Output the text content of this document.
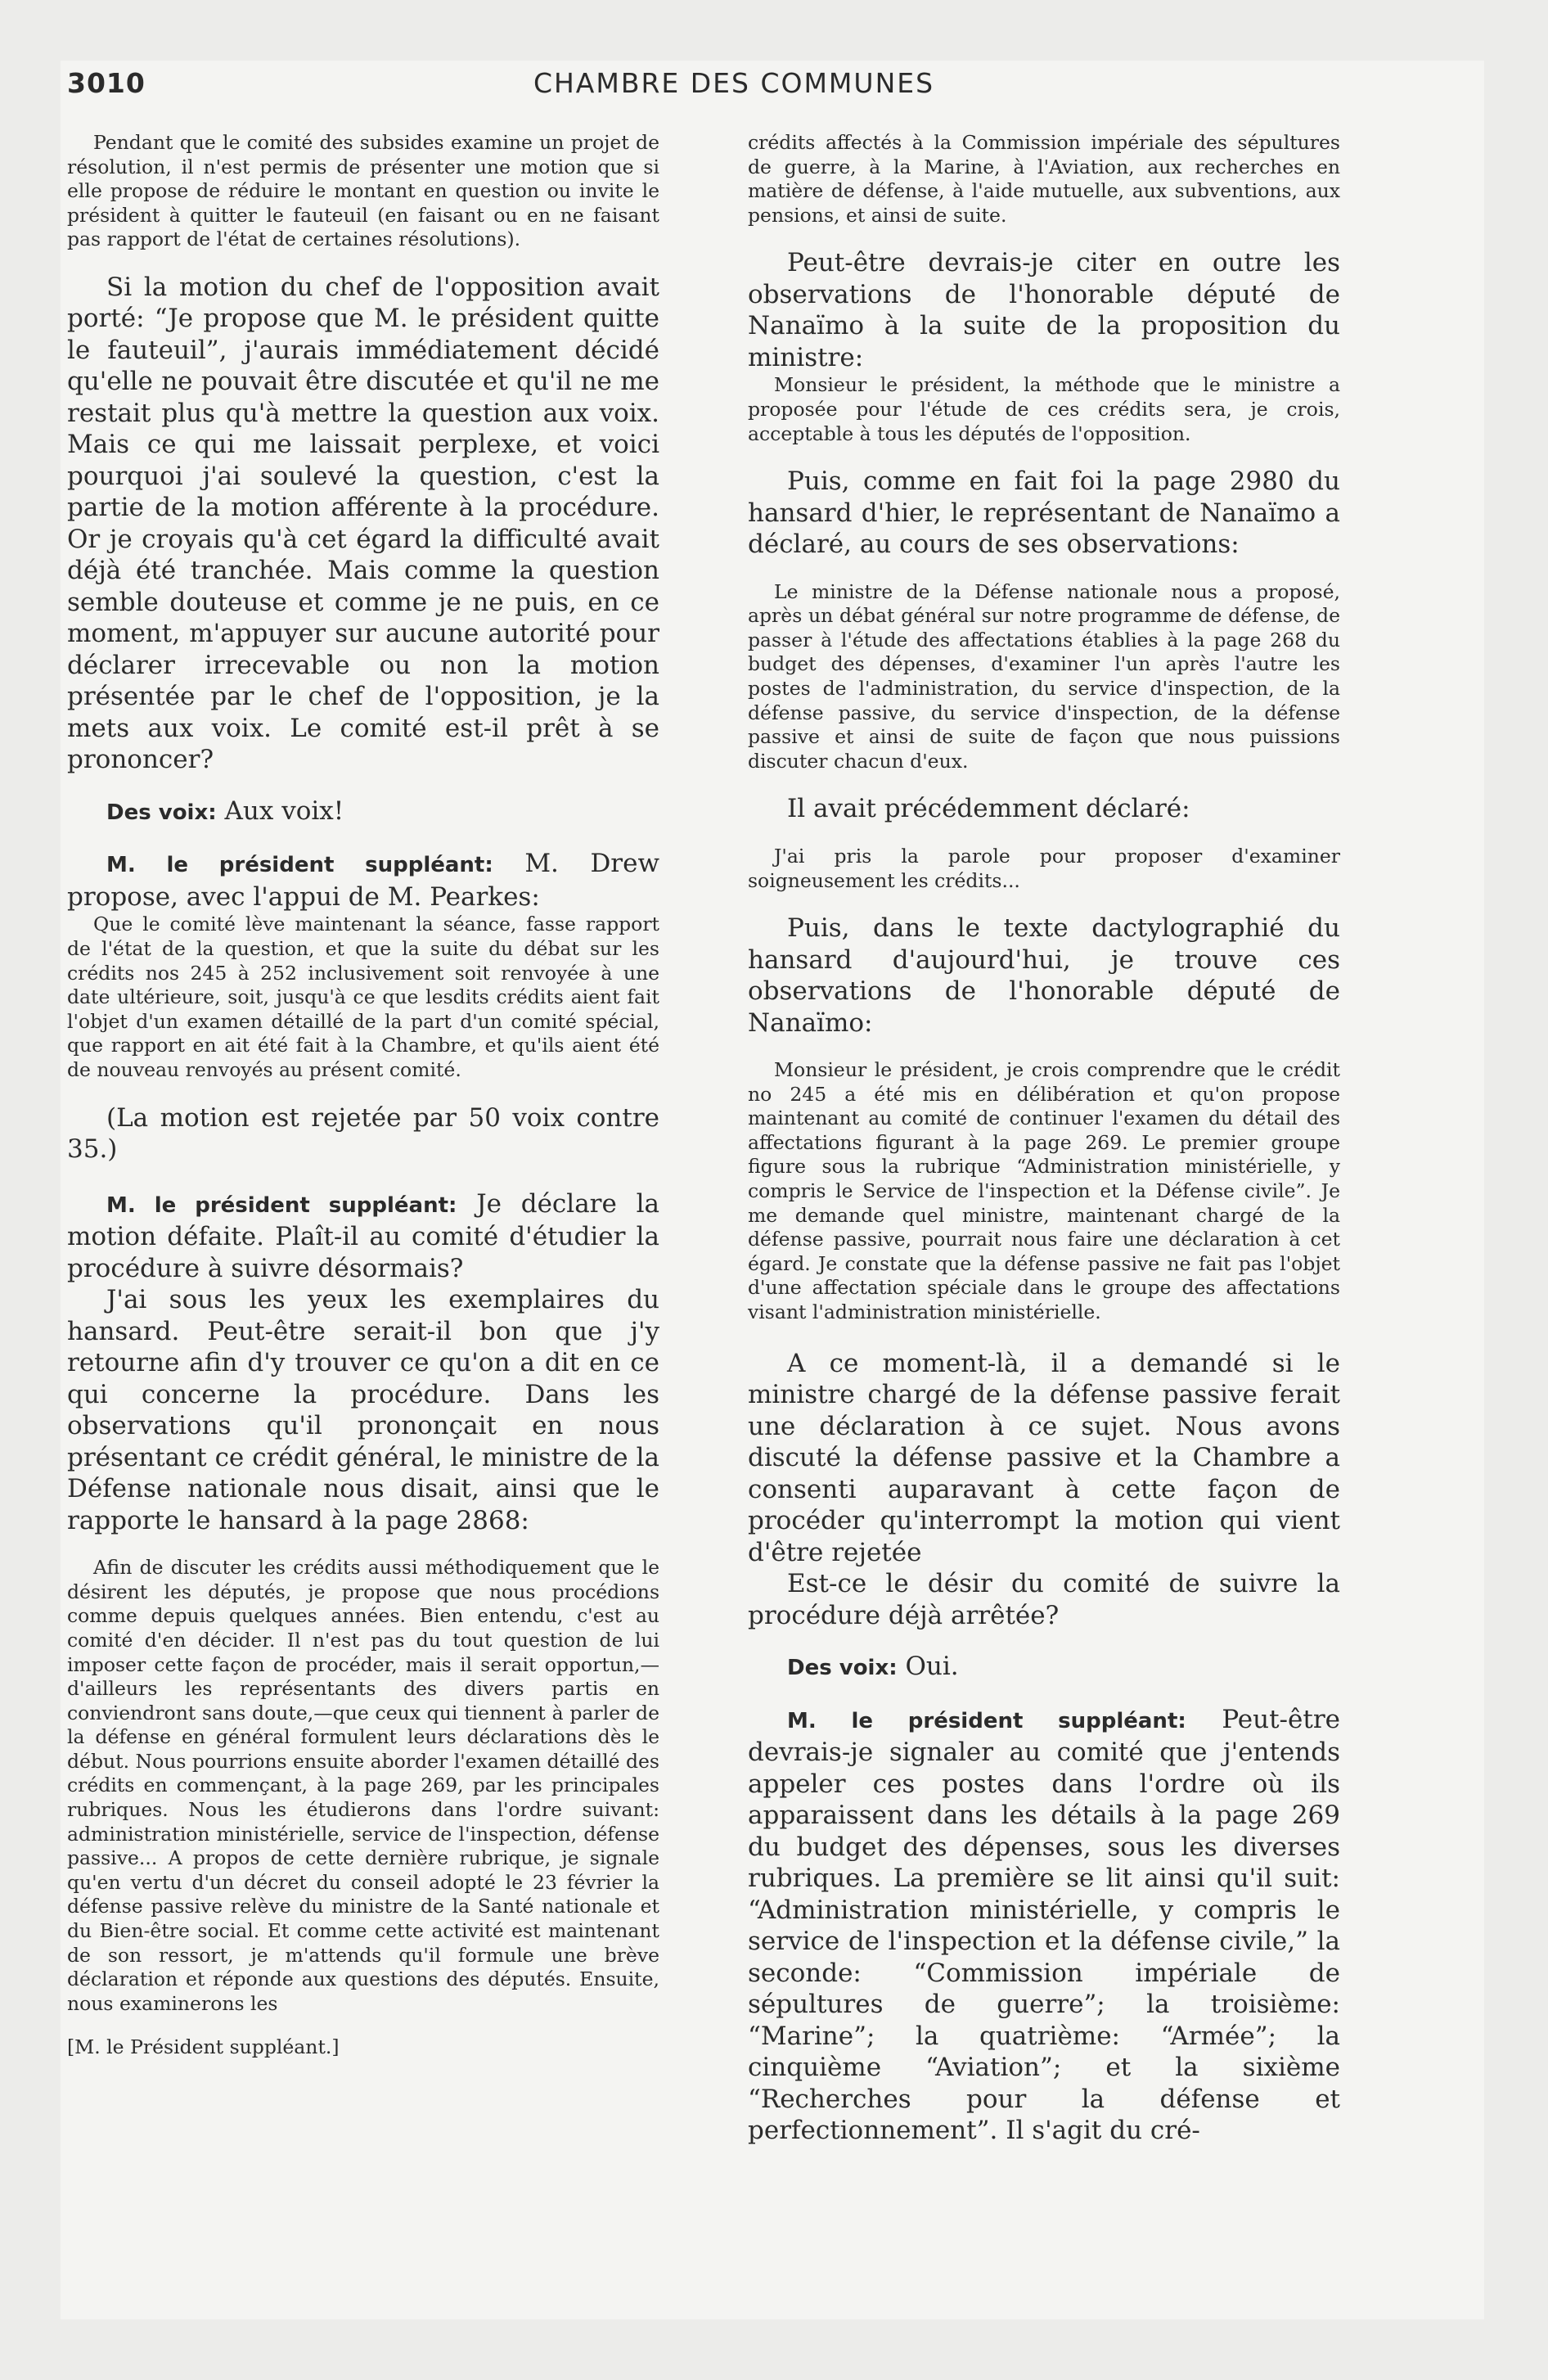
3010	CHAMBRE DES COMMUNES

Pendant que le comité des subsides examine un projet de résolution, il n'est permis de présenter une motion que si elle propose de réduire le montant en question ou invite le président à quitter le fauteuil (en faisant ou en ne faisant pas rapport de l'état de certaines résolutions).

Si la motion du chef de l'opposition avait porté: “Je propose que M. le président quitte le fauteuil”, j'aurais immédiatement décidé qu'elle ne pouvait être discutée et qu'il ne me restait plus qu'à mettre la question aux voix. Mais ce qui me laissait perplexe, et voici pourquoi j'ai soulevé la question, c'est la partie de la motion afférente à la procédure. Or je croyais qu'à cet égard la difficulté avait déjà été tranchée. Mais comme la question semble douteuse et comme je ne puis, en ce moment, m'appuyer sur aucune autorité pour déclarer irrecevable ou non la motion présentée par le chef de l'opposition, je la mets aux voix. Le comité est-il prêt à se prononcer?

Des voix: Aux voix!

M. le président suppléant: M. Drew propose, avec l'appui de M. Pearkes:

Que le comité lève maintenant la séance, fasse rapport de l'état de la question, et que la suite du débat sur les crédits nos 245 à 252 inclusivement soit renvoyée à une date ultérieure, soit, jusqu'à ce que lesdits crédits aient fait l'objet d'un examen détaillé de la part d'un comité spécial, que rapport en ait été fait à la Chambre, et qu'ils aient été de nouveau renvoyés au présent comité.

(La motion est rejetée par 50 voix contre 35.)

M. le président suppléant: Je déclare la motion défaite. Plaît-il au comité d'étudier la procédure à suivre désormais?

J'ai sous les yeux les exemplaires du hansard. Peut-être serait-il bon que j'y retourne afin d'y trouver ce qu'on a dit en ce qui concerne la procédure. Dans les observations qu'il prononçait en nous présentant ce crédit général, le ministre de la Défense nationale nous disait, ainsi que le rapporte le hansard à la page 2868:

Afin de discuter les crédits aussi méthodiquement que le désirent les députés, je propose que nous procédions comme depuis quelques années. Bien entendu, c'est au comité d'en décider. Il n'est pas du tout question de lui imposer cette façon de procéder, mais il serait opportun,—d'ailleurs les représentants des divers partis en conviendront sans doute,—que ceux qui tiennent à parler de la défense en général formulent leurs déclarations dès le début. Nous pourrions ensuite aborder l'examen détaillé des crédits en commençant, à la page 269, par les principales rubriques. Nous les étudierons dans l'ordre suivant: administration ministérielle, service de l'inspection, défense passive... A propos de cette dernière rubrique, je signale qu'en vertu d'un décret du conseil adopté le 23 février la défense passive relève du ministre de la Santé nationale et du Bien-être social. Et comme cette activité est maintenant de son ressort, je m'attends qu'il formule une brève déclaration et réponde aux questions des députés. Ensuite, nous examinerons les

[M. le Président suppléant.]

crédits affectés à la Commission impériale des sépultures de guerre, à la Marine, à l'Aviation, aux recherches en matière de défense, à l'aide mutuelle, aux subventions, aux pensions, et ainsi de suite.

Peut-être devrais-je citer en outre les observations de l'honorable député de Nanaïmo à la suite de la proposition du ministre:

Monsieur le président, la méthode que le ministre a proposée pour l'étude de ces crédits sera, je crois, acceptable à tous les députés de l'opposition.

Puis, comme en fait foi la page 2980 du hansard d'hier, le représentant de Nanaïmo a déclaré, au cours de ses observations:

Le ministre de la Défense nationale nous a proposé, après un débat général sur notre programme de défense, de passer à l'étude des affectations établies à la page 268 du budget des dépenses, d'examiner l'un après l'autre les postes de l'administration, du service d'inspection, de la défense passive, du service d'inspection, de la défense passive et ainsi de suite de façon que nous puissions discuter chacun d'eux.

Il avait précédemment déclaré:

J'ai pris la parole pour proposer d'examiner soigneusement les crédits...

Puis, dans le texte dactylographié du hansard d'aujourd'hui, je trouve ces observations de l'honorable député de Nanaïmo:

Monsieur le président, je crois comprendre que le crédit no 245 a été mis en délibération et qu'on propose maintenant au comité de continuer l'examen du détail des affectations figurant à la page 269. Le premier groupe figure sous la rubrique “Administration ministérielle, y compris le Service de l'inspection et la Défense civile”. Je me demande quel ministre, maintenant chargé de la défense passive, pourrait nous faire une déclaration à cet égard. Je constate que la défense passive ne fait pas l'objet d'une affectation spéciale dans le groupe des affectations visant l'administration ministérielle.

A ce moment-là, il a demandé si le ministre chargé de la défense passive ferait une déclaration à ce sujet. Nous avons discuté la défense passive et la Chambre a consenti auparavant à cette façon de procéder qu'interrompt la motion qui vient d'être rejetée

Est-ce le désir du comité de suivre la procédure déjà arrêtée?

Des voix: Oui.

M. le président suppléant: Peut-être devrais-je signaler au comité que j'entends appeler ces postes dans l'ordre où ils apparaissent dans les détails à la page 269 du budget des dépenses, sous les diverses rubriques. La première se lit ainsi qu'il suit: “Administration ministérielle, y compris le service de l'inspection et la défense civile,” la seconde: “Commission impériale de sépultures de guerre”; la troisième: “Marine”; la quatrième: “Armée”; la cinquième “Aviation”; et la sixième “Recherches pour la défense et perfectionnement”. Il s'agit du cré-
